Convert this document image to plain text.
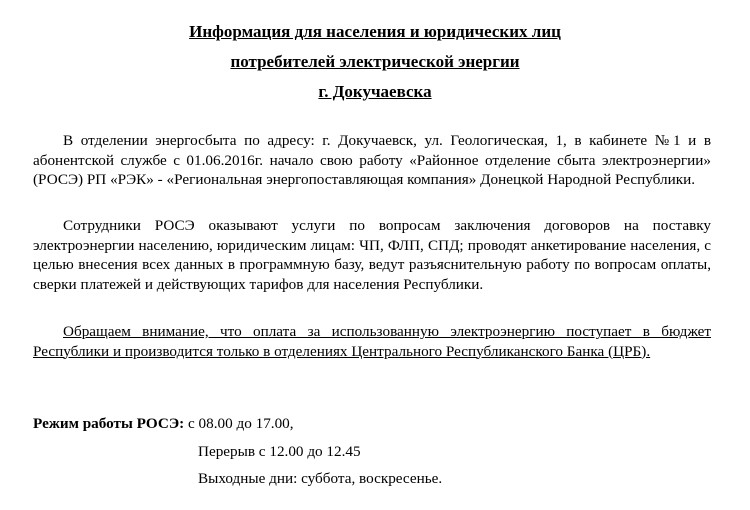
Информация для населения и юридических лиц
потребителей электрической энергии
г. Докучаевска

В отделении энергосбыта по адресу: г. Докучаевск, ул. Геологическая, 1, в кабинете №1 и в абонентской службе с 01.06.2016г. начало свою работу «Районное отделение сбыта электроэнергии» (РОСЭ) РП «РЭК» - «Региональная энергопоставляющая компания» Донецкой Народной Республики.

Сотрудники РОСЭ оказывают услуги по вопросам заключения договоров на поставку электроэнергии населению, юридическим лицам: ЧП, ФЛП, СПД; проводят анкетирование населения, с целью внесения всех данных в программную базу, ведут разъяснительную работу по вопросам оплаты, сверки платежей и действующих тарифов для населения Республики.

Обращаем внимание, что оплата за использованную электроэнергию поступает в бюджет Республики и производится только в отделениях Центрального Республиканского Банка (ЦРБ).

Режим работы РОСЭ: с 08.00 до 17.00,
Перерыв с 12.00 до 12.45
Выходные дни: суббота, воскресенье.
